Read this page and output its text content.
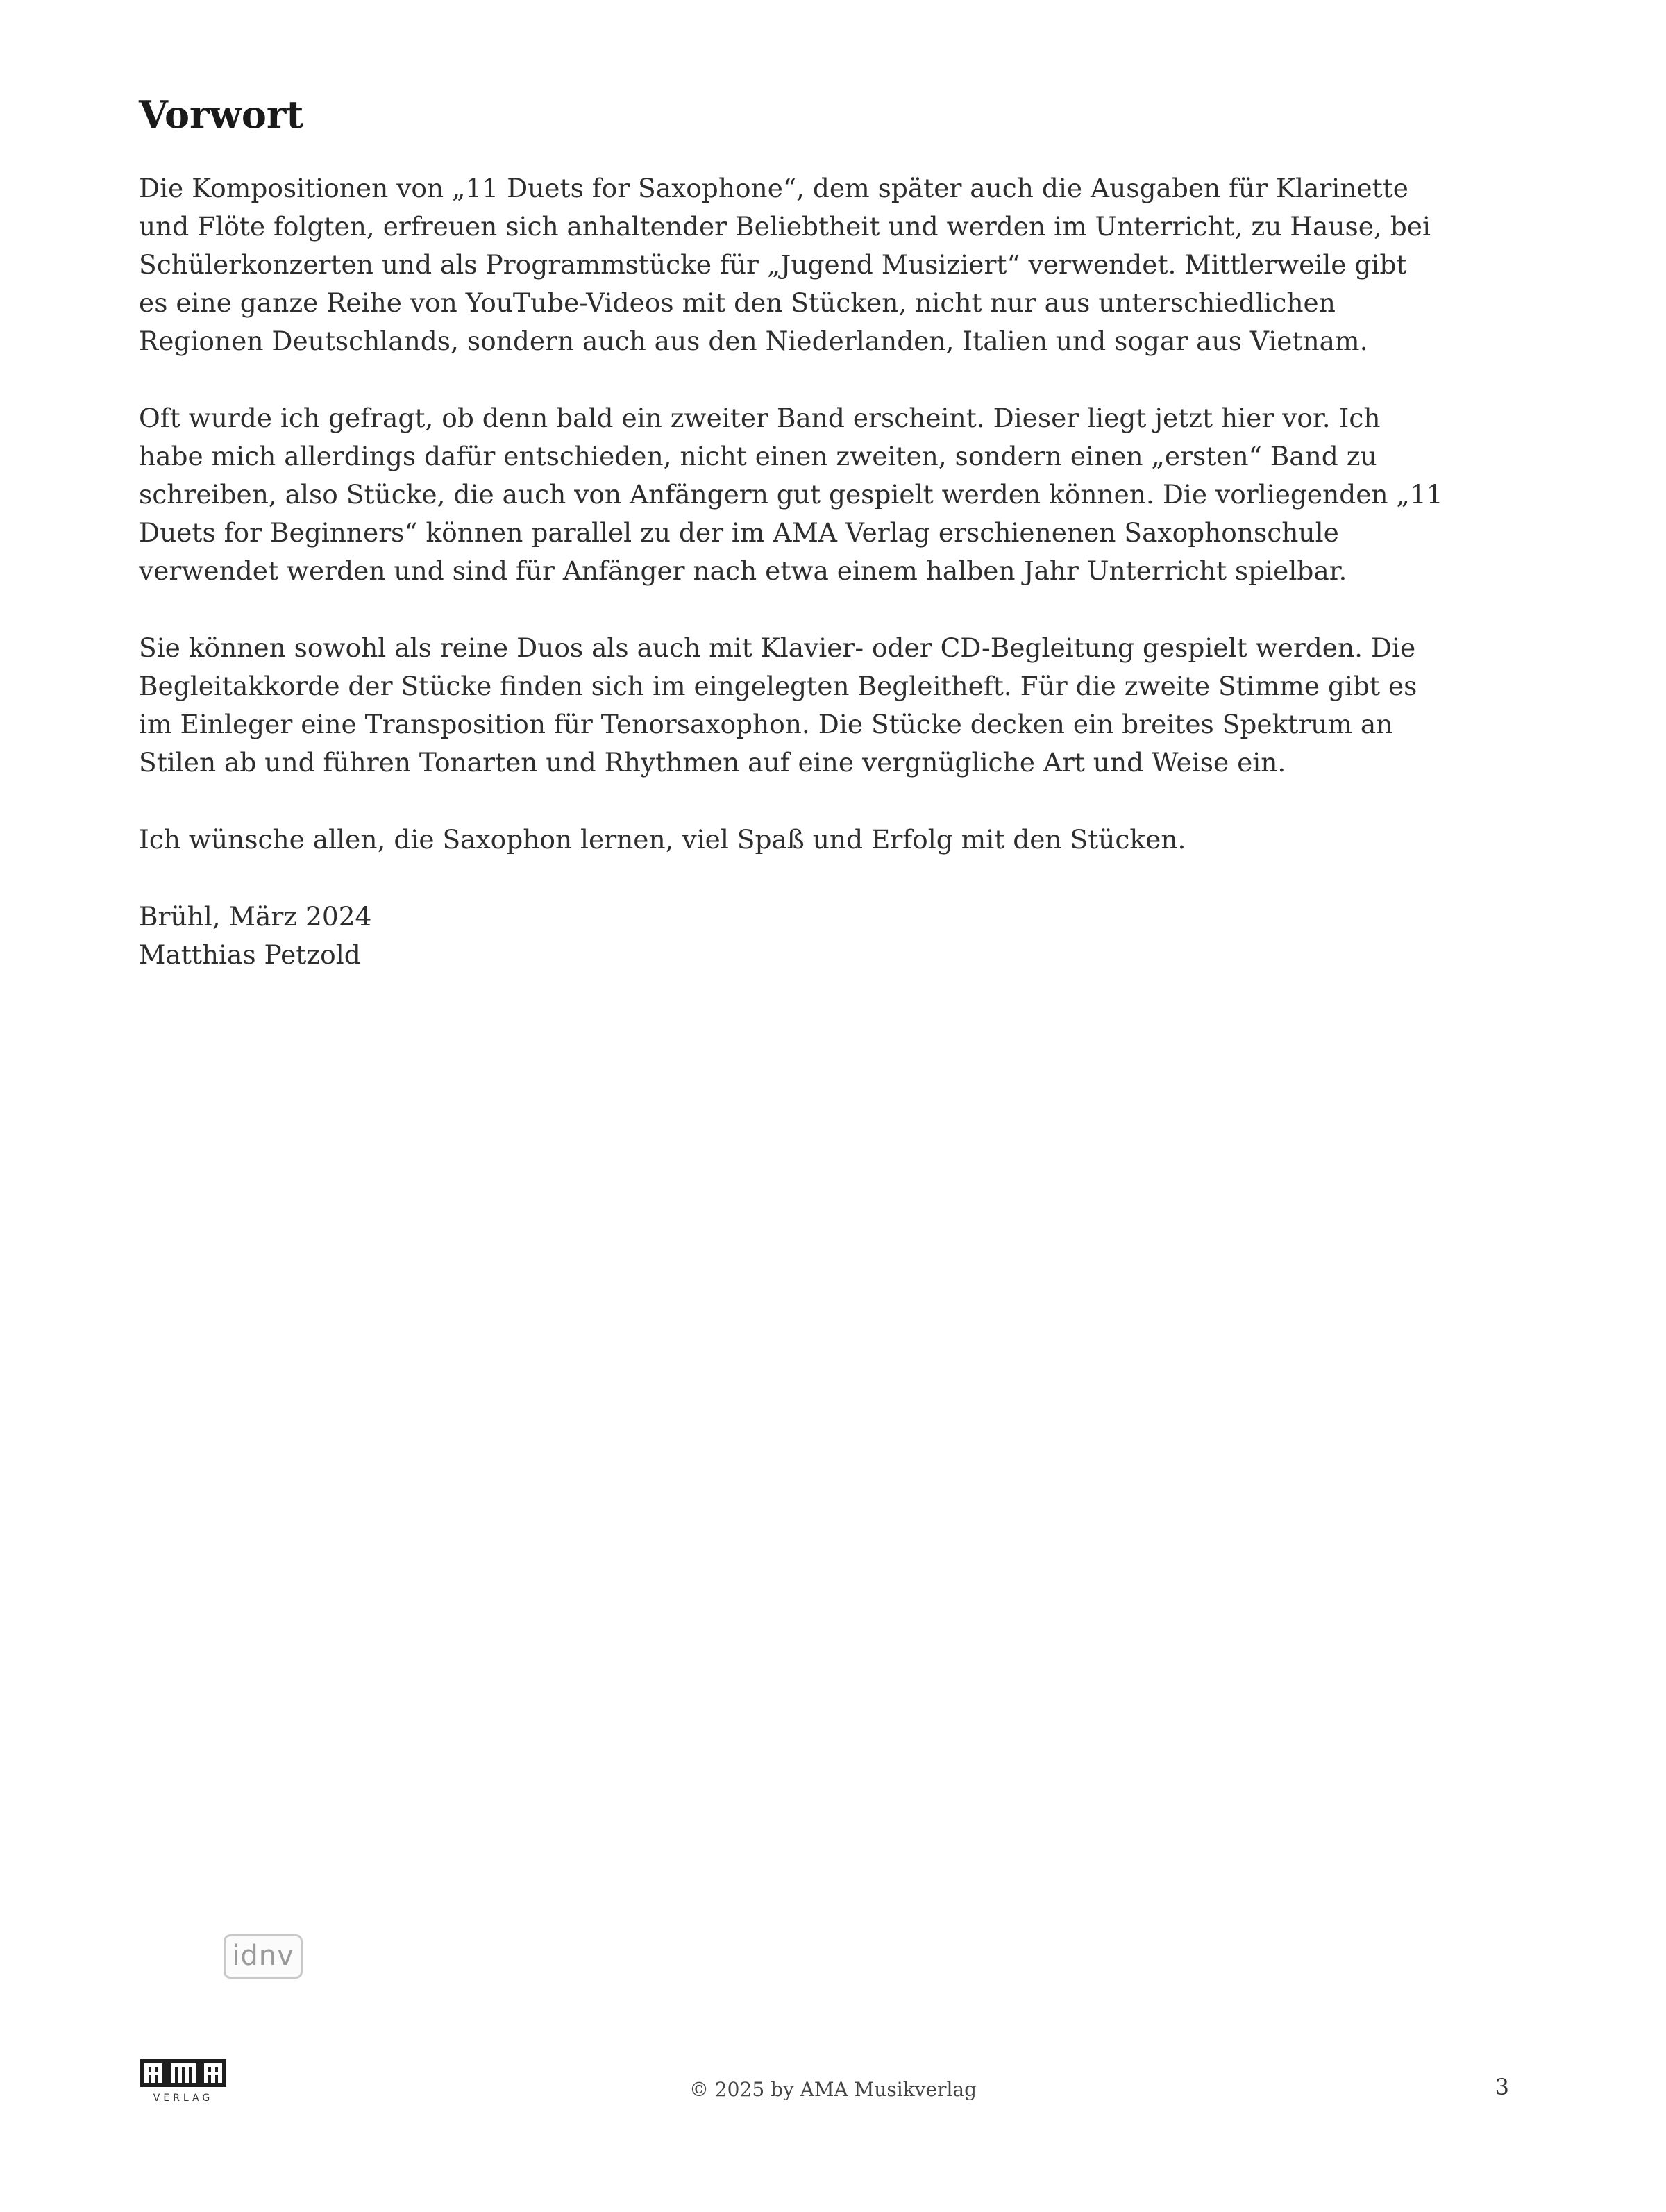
Vorwort

Die Kompositionen von „11 Duets for Saxophone“, dem später auch die Ausgaben für Klarinette
und Flöte folgten, erfreuen sich anhaltender Beliebtheit und werden im Unterricht, zu Hause, bei
Schülerkonzerten und als Programmstücke für „Jugend Musiziert“ verwendet. Mittlerweile gibt
es eine ganze Reihe von YouTube-Videos mit den Stücken, nicht nur aus unterschiedlichen
Regionen Deutschlands, sondern auch aus den Niederlanden, Italien und sogar aus Vietnam.

Oft wurde ich gefragt, ob denn bald ein zweiter Band erscheint. Dieser liegt jetzt hier vor. Ich
habe mich allerdings dafür entschieden, nicht einen zweiten, sondern einen „ersten“ Band zu
schreiben, also Stücke, die auch von Anfängern gut gespielt werden können. Die vorliegenden „11
Duets for Beginners“ können parallel zu der im AMA Verlag erschienenen Saxophonschule
verwendet werden und sind für Anfänger nach etwa einem halben Jahr Unterricht spielbar.

Sie können sowohl als reine Duos als auch mit Klavier- oder CD-Begleitung gespielt werden. Die
Begleitakkorde der Stücke finden sich im eingelegten Begleitheft. Für die zweite Stimme gibt es
im Einleger eine Transposition für Tenorsaxophon. Die Stücke decken ein breites Spektrum an
Stilen ab und führen Tonarten und Rhythmen auf eine vergnügliche Art und Weise ein.

Ich wünsche allen, die Saxophon lernen, viel Spaß und Erfolg mit den Stücken.

Brühl, März 2024
Matthias Petzold

idnv
VERLAG	© 2025 by AMA Musikverlag	3
